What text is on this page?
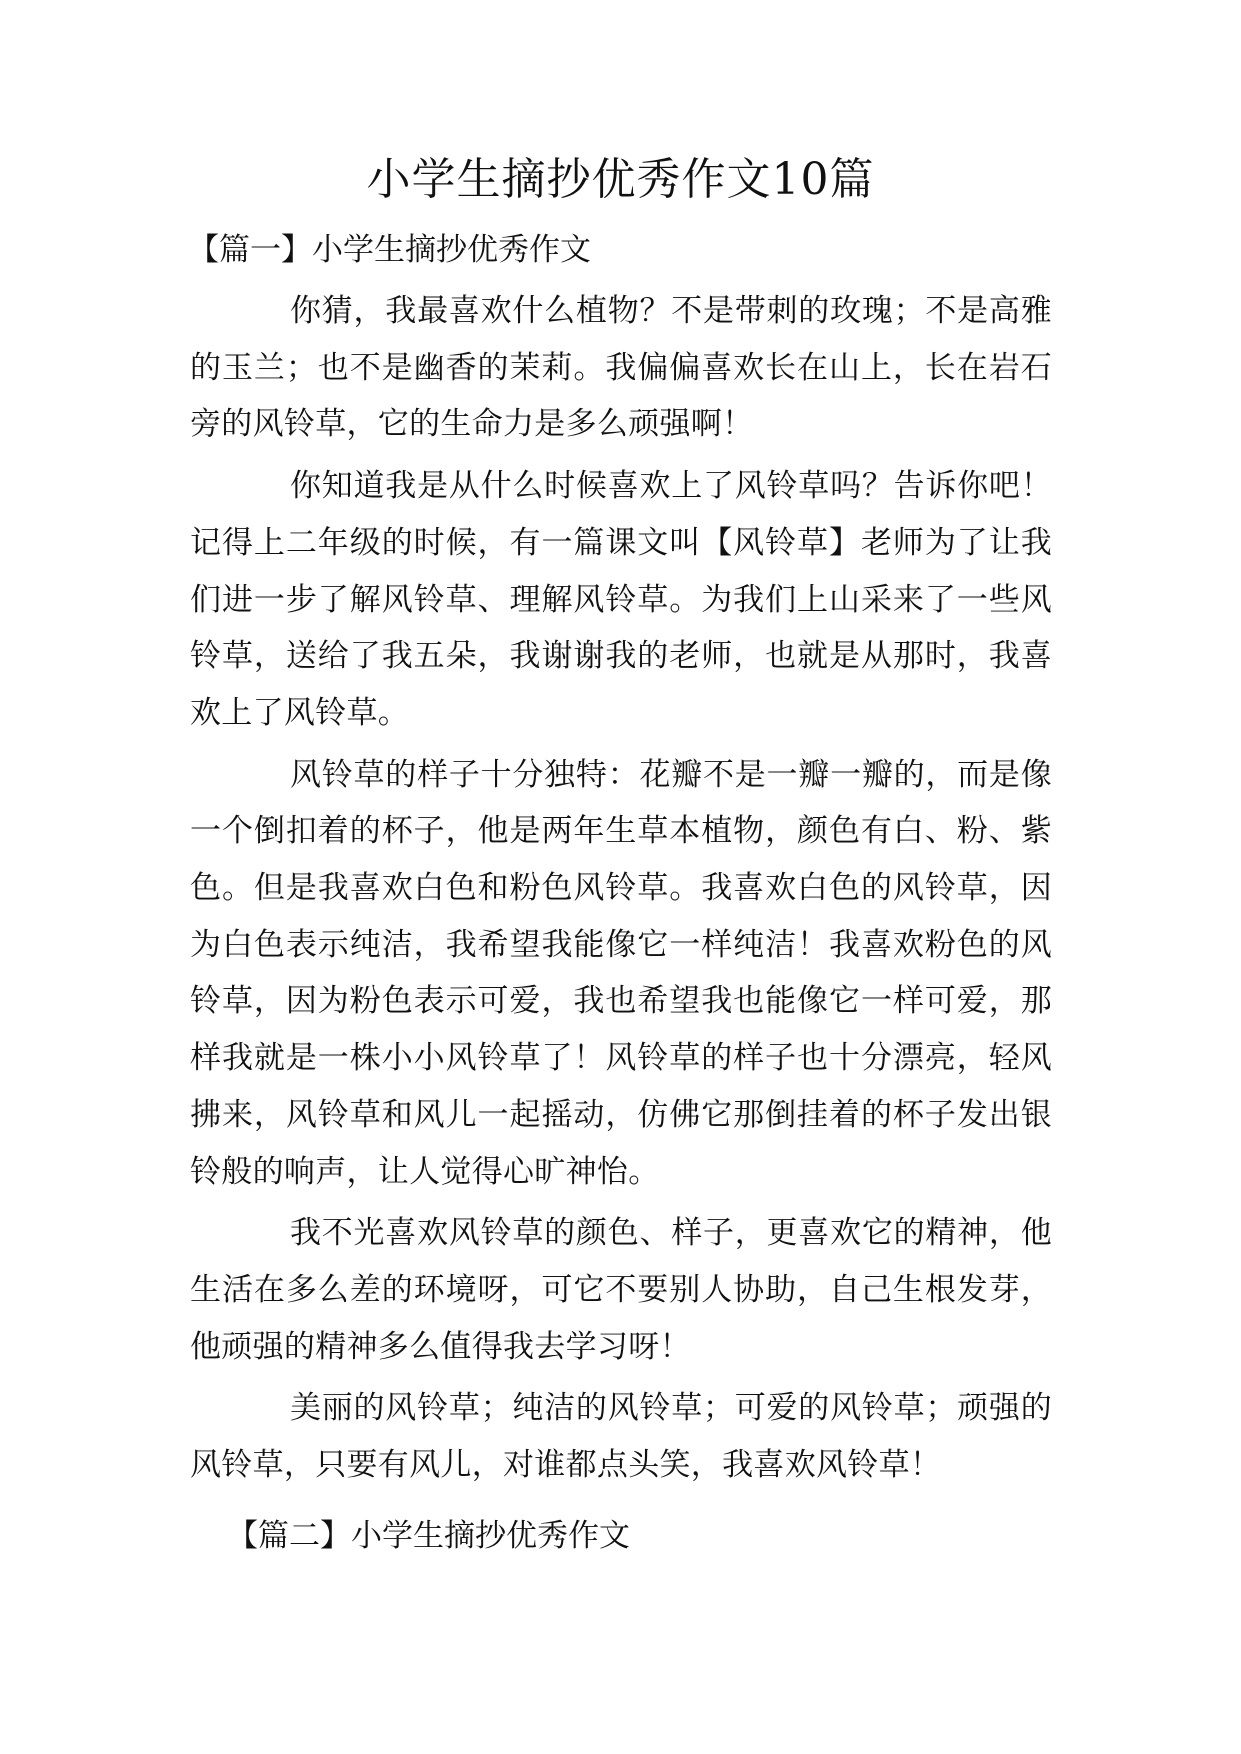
小学生摘抄优秀作文10篇
【篇一】小学生摘抄优秀作文

你猜，我最喜欢什么植物？不是带刺的玫瑰；不是高雅的玉兰；也不是幽香的茉莉。我偏偏喜欢长在山上，长在岩石旁的风铃草，它的生命力是多么顽强啊！

你知道我是从什么时候喜欢上了风铃草吗？告诉你吧！记得上二年级的时候，有一篇课文叫【风铃草】老师为了让我们进一步了解风铃草、理解风铃草。为我们上山采来了一些风铃草，送给了我五朵，我谢谢我的老师，也就是从那时，我喜欢上了风铃草。

风铃草的样子十分独特：花瓣不是一瓣一瓣的，而是像一个倒扣着的杯子，他是两年生草本植物，颜色有白、粉、紫色。但是我喜欢白色和粉色风铃草。我喜欢白色的风铃草，因为白色表示纯洁，我希望我能像它一样纯洁！我喜欢粉色的风铃草，因为粉色表示可爱，我也希望我也能像它一样可爱，那样我就是一株小小风铃草了！风铃草的样子也十分漂亮，轻风拂来，风铃草和风儿一起摇动，仿佛它那倒挂着的杯子发出银铃般的响声，让人觉得心旷神怡。

我不光喜欢风铃草的颜色、样子，更喜欢它的精神，他生活在多么差的环境呀，可它不要别人协助，自己生根发芽，他顽强的精神多么值得我去学习呀！

美丽的风铃草；纯洁的风铃草；可爱的风铃草；顽强的风铃草，只要有风儿，对谁都点头笑，我喜欢风铃草！

【篇二】小学生摘抄优秀作文
